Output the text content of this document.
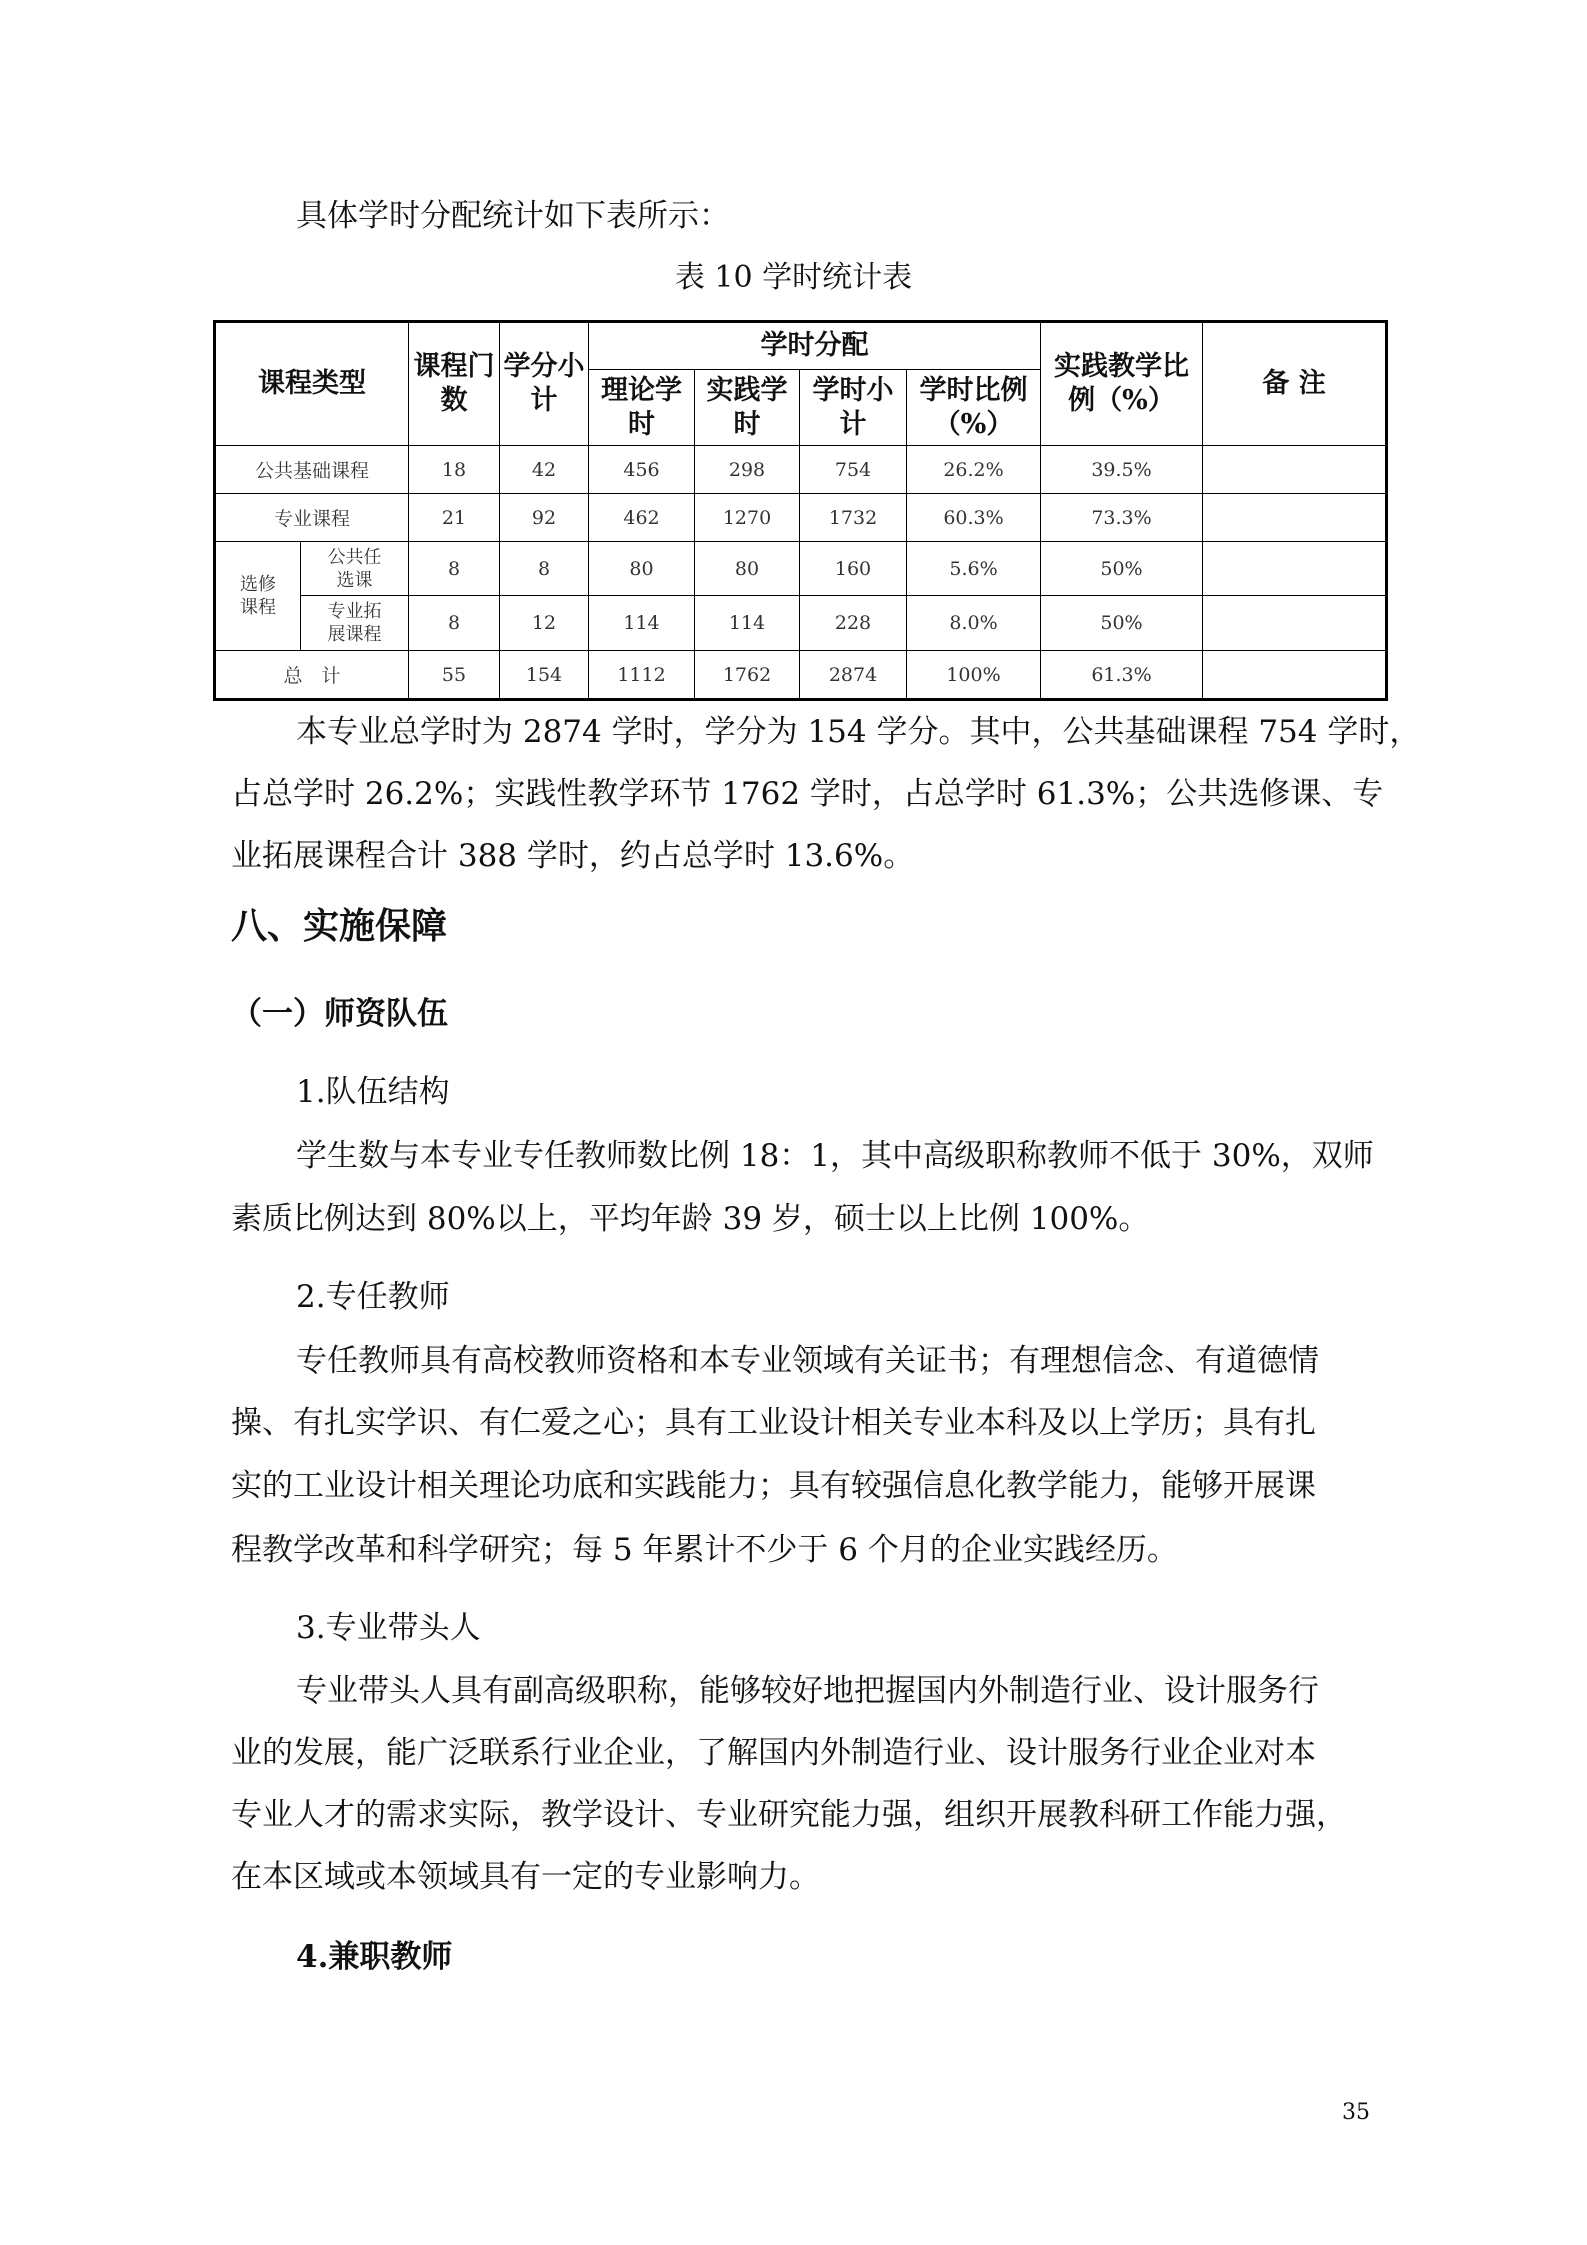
具体学时分配统计如下表所示：
表 10 学时统计表
课程类型		课程门数	学分小计	学时分配				实践教学比例（%）	备 注
				理论学时	实践学时	学时小计	学时比例（%）		
公共基础课程		18	42	456	298	754	26.2%	39.5%	
专业课程		21	92	462	1270	1732	60.3%	73.3%	
选修课程	公共任选课	8	8	80	80	160	5.6%	50%	
	专业拓展课程	8	12	114	114	228	8.0%	50%	
总　计		55	154	1112	1762	2874	100%	61.3%	
本专业总学时为 2874 学时，学分为 154 学分。其中，公共基础课程 754 学时，
占总学时 26.2%；实践性教学环节 1762 学时，占总学时 61.3%；公共选修课、专
业拓展课程合计 388 学时，约占总学时 13.6%。
八、实施保障
（一）师资队伍
1.队伍结构
学生数与本专业专任教师数比例 18：1，其中高级职称教师不低于 30%，双师
素质比例达到 80%以上，平均年龄 39 岁，硕士以上比例 100%。
2.专任教师
专任教师具有高校教师资格和本专业领域有关证书；有理想信念、有道德情
操、有扎实学识、有仁爱之心；具有工业设计相关专业本科及以上学历；具有扎
实的工业设计相关理论功底和实践能力；具有较强信息化教学能力，能够开展课
程教学改革和科学研究；每 5 年累计不少于 6 个月的企业实践经历。
3.专业带头人
专业带头人具有副高级职称，能够较好地把握国内外制造行业、设计服务行
业的发展，能广泛联系行业企业，了解国内外制造行业、设计服务行业企业对本
专业人才的需求实际，教学设计、专业研究能力强，组织开展教科研工作能力强，
在本区域或本领域具有一定的专业影响力。
4.兼职教师
35
